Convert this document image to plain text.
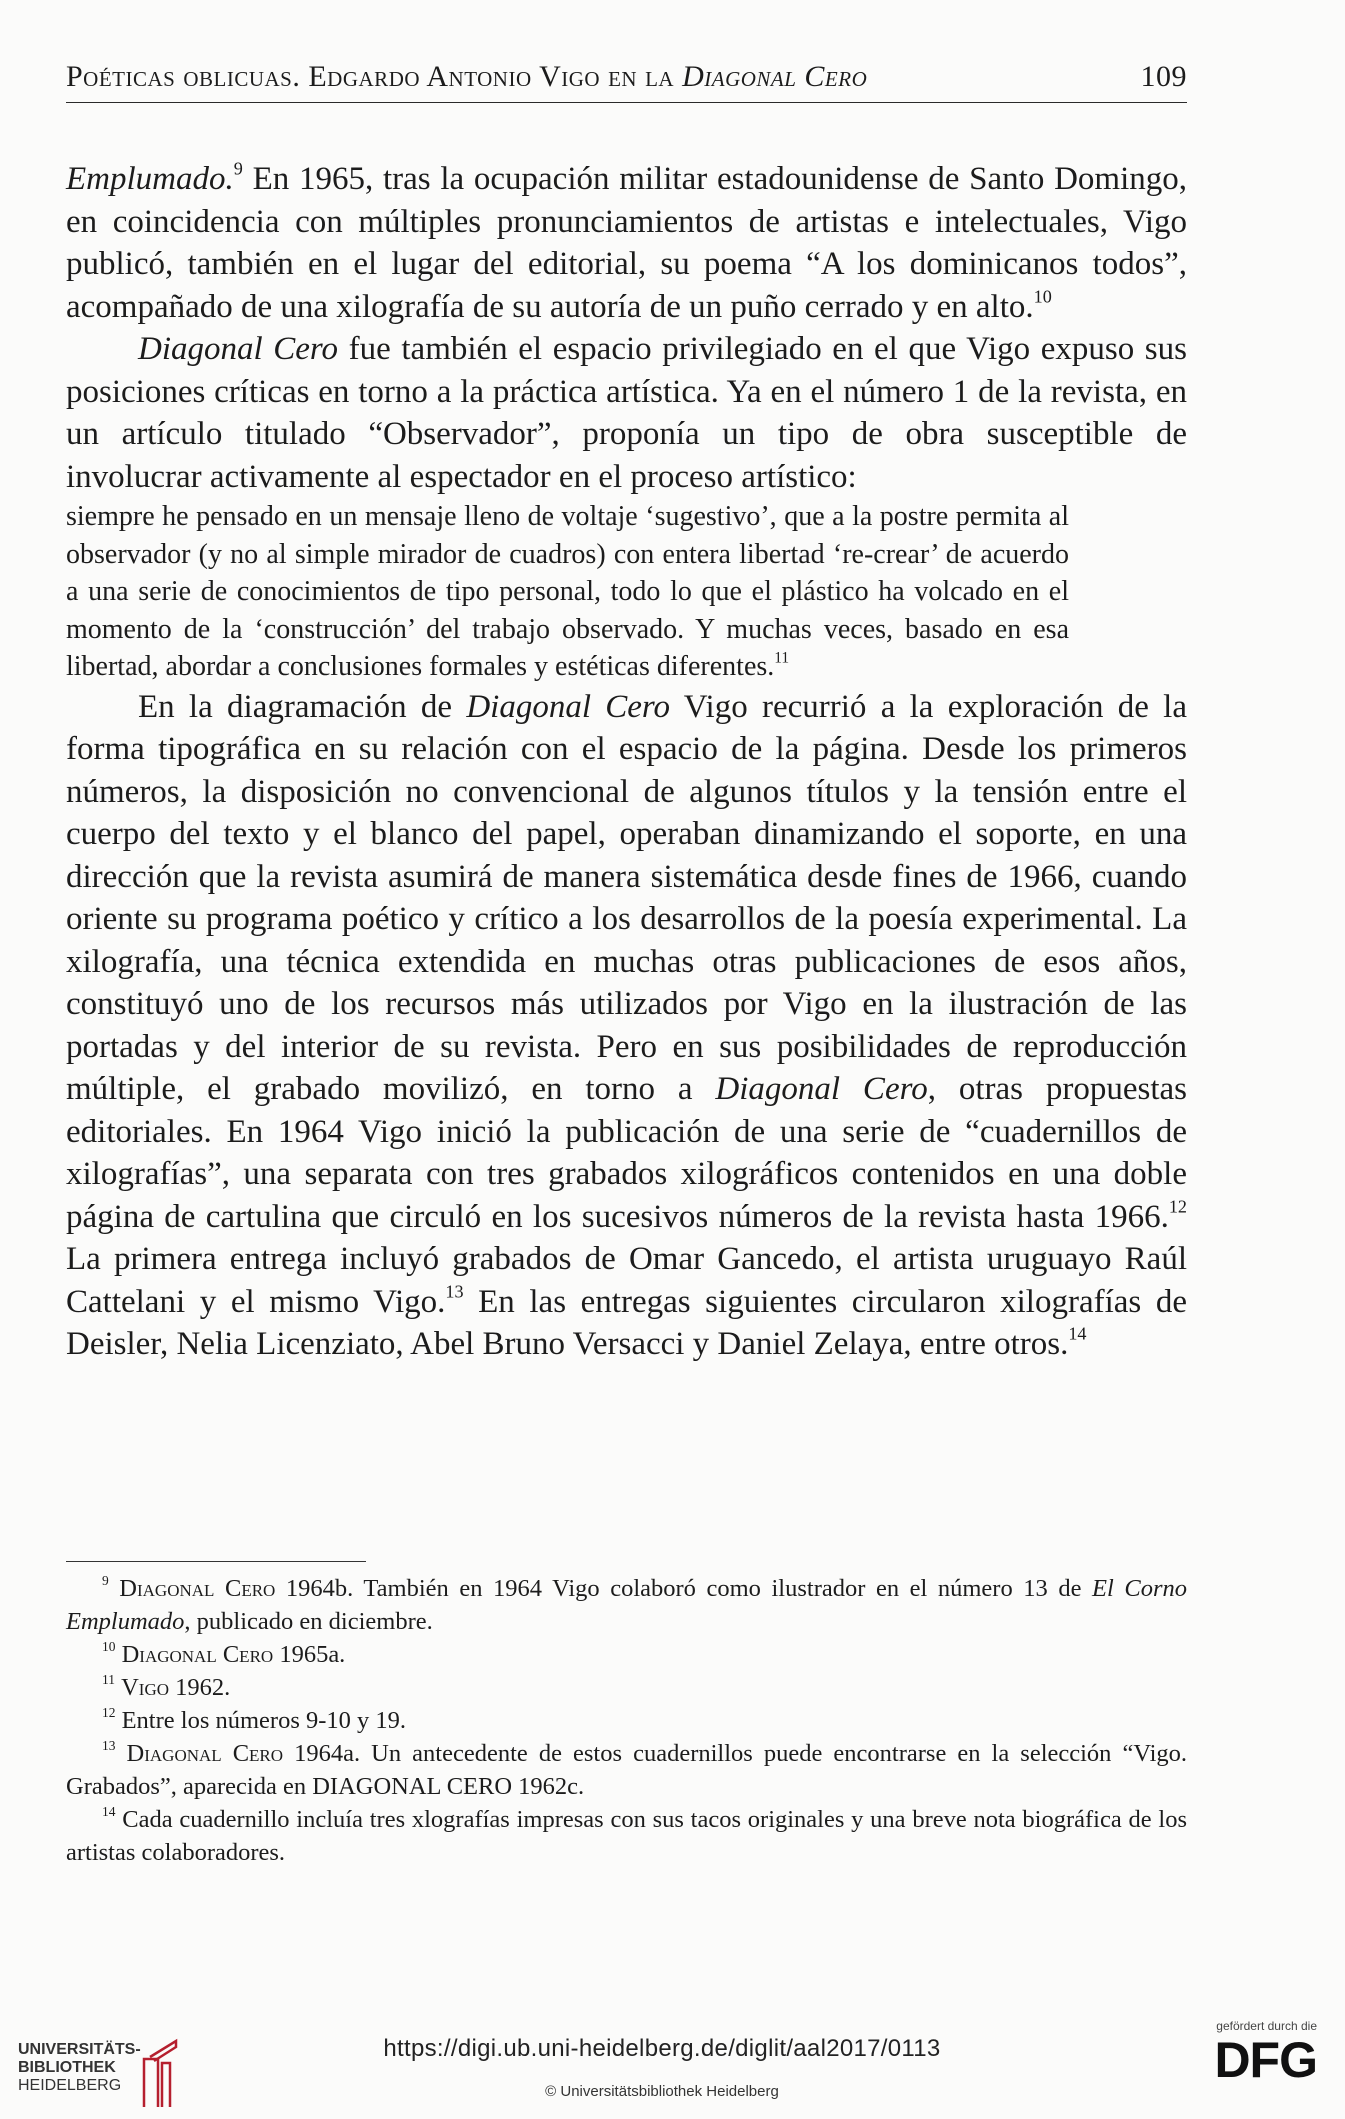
Poéticas oblicuas. Edgardo Antonio Vigo en la Diagonal Cero	109

Emplumado.$^9$ En 1965, tras la ocupación militar estadounidense de Santo Domingo, en coincidencia con múltiples pronunciamientos de artistas e intelectuales, Vigo publicó, también en el lugar del editorial, su poema “A los dominicanos todos”, acompañado de una xilografía de su autoría de un puño cerrado y en alto.$^{10}$

Diagonal Cero fue también el espacio privilegiado en el que Vigo expuso sus posiciones críticas en torno a la práctica artística. Ya en el número 1 de la revista, en un artículo titulado “Observador”, proponía un tipo de obra susceptible de involucrar activamente al espectador en el proceso artístico:

siempre he pensado en un mensaje lleno de voltaje ‘sugestivo’, que a la postre permita al observador (y no al simple mirador de cuadros) con entera libertad ‘re-crear’ de acuerdo a una serie de conocimientos de tipo personal, todo lo que el plástico ha volcado en el momento de la ‘construcción’ del trabajo observado. Y muchas veces, basado en esa libertad, abordar a conclusiones formales y estéticas diferentes.$^{11}$

En la diagramación de Diagonal Cero Vigo recurrió a la exploración de la forma tipográfica en su relación con el espacio de la página. Desde los primeros números, la disposición no convencional de algunos títulos y la tensión entre el cuerpo del texto y el blanco del papel, operaban dinamizando el soporte, en una dirección que la revista asumirá de manera sistemática desde fines de 1966, cuando oriente su programa poético y crítico a los desarrollos de la poesía experimental. La xilografía, una técnica extendida en muchas otras publicaciones de esos años, constituyó uno de los recursos más utilizados por Vigo en la ilustración de las portadas y del interior de su revista. Pero en sus posibilidades de reproducción múltiple, el grabado movilizó, en torno a Diagonal Cero, otras propuestas editoriales. En 1964 Vigo inició la publicación de una serie de “cuadernillos de xilografías”, una separata con tres grabados xilográficos contenidos en una doble página de cartulina que circuló en los sucesivos números de la revista hasta 1966.12 La primera entrega incluyó grabados de Omar Gancedo, el artista uruguayo Raúl Cattelani y el mismo Vigo.$^{13}$ En las entregas siguientes circularon xilografías de Deisler, Nelia Licenziato, Abel Bruno Versacci y Daniel Zelaya, entre otros.$^{14}$

$^9$ Diagonal Cero 1964b. También en 1964 Vigo colaboró como ilustrador en el número 13 de El Corno Emplumado, publicado en diciembre.

$^{10}$ Diagonal Cero 1965a.

$^{11}$ Vigo 1962.

$^{12}$ Entre los números 9-10 y 19.

$^{13}$ Diagonal Cero 1964a. Un antecedente de estos cuadernillos puede encontrarse en la selección “Vigo. Grabados”, aparecida en DIAGONAL CERO 1962c.

$^{14}$ Cada cuadernillo incluía tres xlografías impresas con sus tacos originales y una breve nota biográfica de los artistas colaboradores.

UNIVERSITÄTS-
BIBLIOTHEK
HEIDELBERG
https://digi.ub.uni-heidelberg.de/diglit/aal2017/0113
© Universitätsbibliothek Heidelberg
gefördert durch die
DFG
